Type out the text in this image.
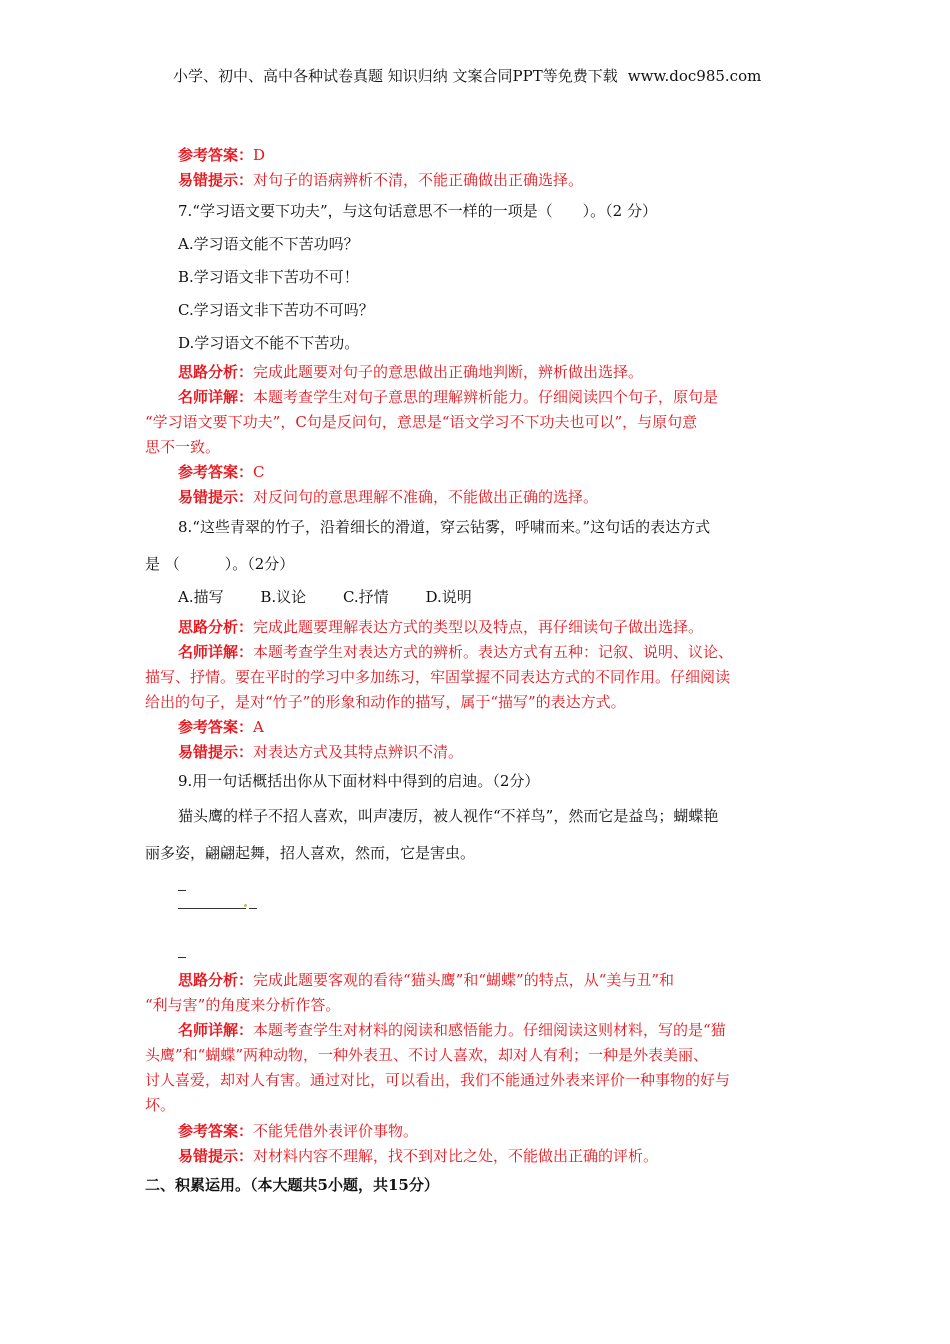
小学、初中、高中各种试卷真题 知识归纳 文案合同PPT等免费下载 www.doc985.com
参考答案：D
易错提示：对句子的语病辨析不清，不能正确做出正确选择。
7.“学习语文要下功夫”，与这句话意思不一样的一项是（　　）。（2 分）
A.学习语文能不下苦功吗？
B.学习语文非下苦功不可！
C.学习语文非下苦功不可吗？
D.学习语文不能不下苦功。
思路分析：完成此题要对句子的意思做出正确地判断，辨析做出选择。
名师详解：本题考查学生对句子意思的理解辨析能力。仔细阅读四个句子，原句是
“学习语文要下功夫”，C句是反问句，意思是“语文学习不下功夫也可以”，与原句意
思不一致。
参考答案：C
易错提示：对反问句的意思理解不准确，不能做出正确的选择。
8.“这些青翠的竹子，沿着细长的滑道，穿云钻雾，呼啸而来。”这句话的表达方式
是 （　　　）。（2分）
A.描写 B.议论 C.抒情 D.说明
思路分析：完成此题要理解表达方式的类型以及特点，再仔细读句子做出选择。
名师详解：本题考查学生对表达方式的辨析。表达方式有五种：记叙、说明、议论、
描写、抒情。要在平时的学习中多加练习，牢固掌握不同表达方式的不同作用。仔细阅读
给出的句子，是对“竹子”的形象和动作的描写，属于“描写”的表达方式。
参考答案：A
易错提示：对表达方式及其特点辨识不清。
9.用一句话概括出你从下面材料中得到的启迪。（2分）
猫头鹰的样子不招人喜欢，叫声凄厉，被人视作“不祥鸟”，然而它是益鸟；蝴蝶艳
丽多姿，翩翩起舞，招人喜欢，然而，它是害虫。
思路分析：完成此题要客观的看待“猫头鹰”和“蝴蝶”的特点，从“美与丑”和
“利与害”的角度来分析作答。
名师详解：本题考查学生对材料的阅读和感悟能力。仔细阅读这则材料，写的是“猫
头鹰”和“蝴蝶”两种动物，一种外表丑、不讨人喜欢，却对人有利；一种是外表美丽、
讨人喜爱，却对人有害。通过对比，可以看出，我们不能通过外表来评价一种事物的好与
坏。
参考答案：不能凭借外表评价事物。
易错提示：对材料内容不理解，找不到对比之处，不能做出正确的评析。
二、积累运用。（本大题共5小题，共15分）
